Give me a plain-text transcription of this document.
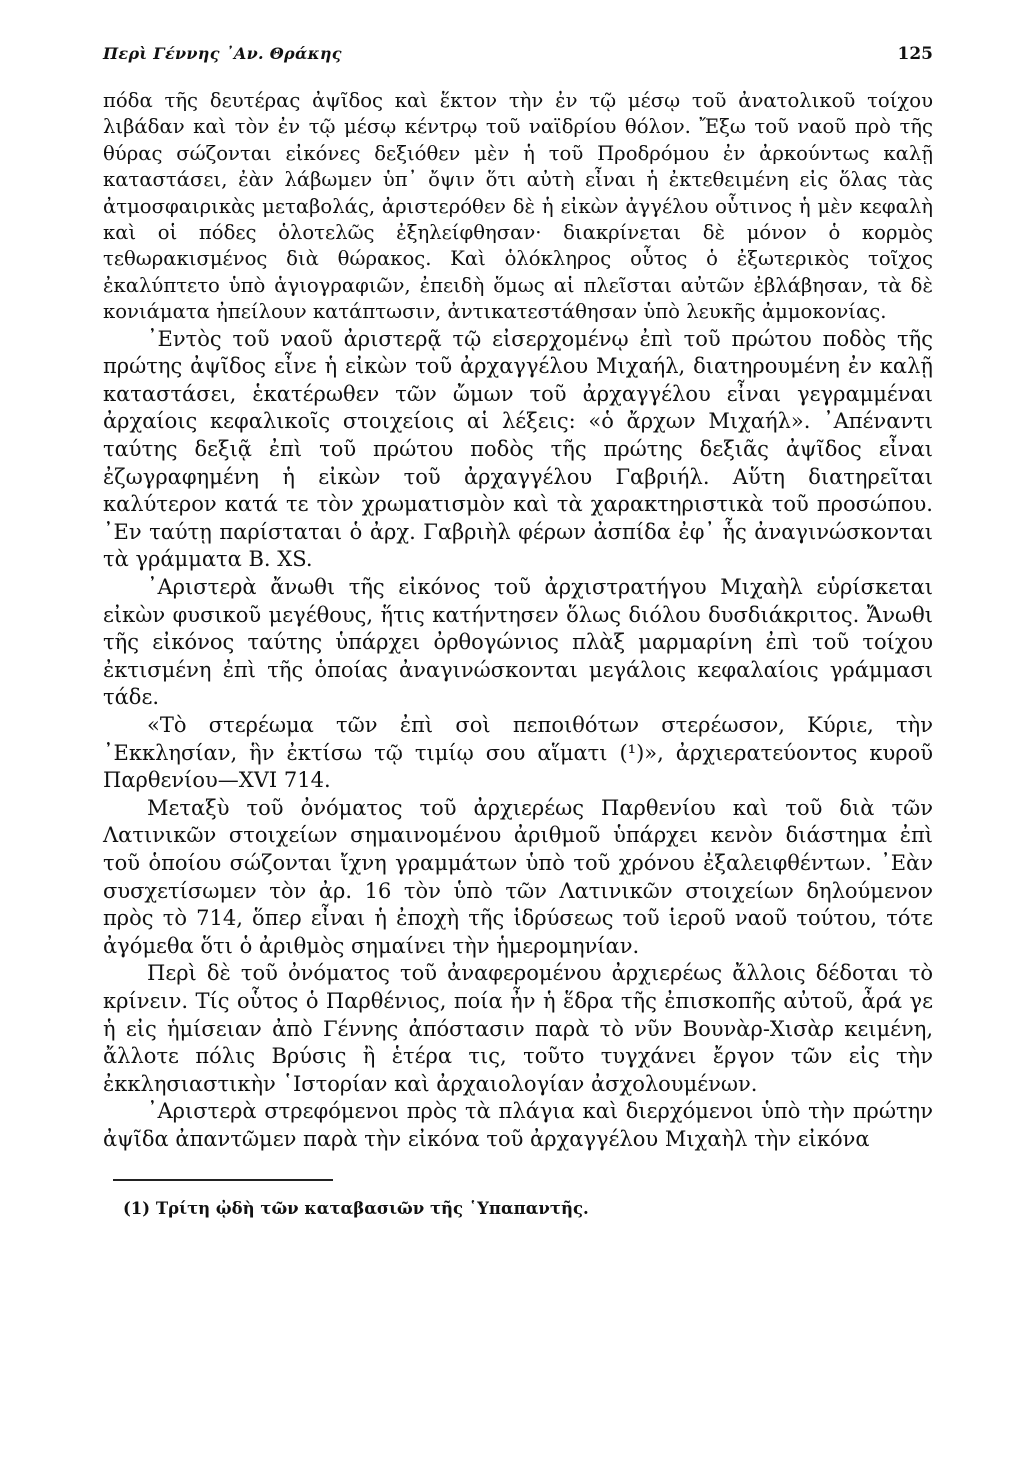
Περὶ Γέννης ᾿Αν. Θράκης	125

πόδα τῆς δευτέρας ἀψῖδος καὶ ἕκτον τὴν ἐν τῷ μέσῳ τοῦ ἀνατολικοῦ τοίχου λιβάδαν καὶ τὸν ἐν τῷ μέσῳ κέντρῳ τοῦ ναϊδρίου θόλον. Ἔξω τοῦ ναοῦ πρὸ τῆς θύρας σώζονται εἰκόνες δεξιόθεν μὲν ἡ τοῦ Προδρόμου ἐν ἀρκούντως καλῇ καταστάσει, ἐὰν λάβωμεν ὑπ᾿ ὄψιν ὅτι αὐτὴ εἶναι ἡ ἐκτεθειμένη εἰς ὅλας τὰς ἀτμοσφαιρικὰς μεταβολάς, ἀριστερόθεν δὲ ἡ εἰκὼν ἀγγέλου οὗτινος ἡ μὲν κεφαλὴ καὶ οἱ πόδες ὁλοτελῶς ἐξηλείφθησαν· διακρίνεται δὲ μόνον ὁ κορμὸς τεθωρακισμένος διὰ θώρακος. Καὶ ὁλόκληρος οὗτος ὁ ἐξωτερικὸς τοῖχος ἐκαλύπτετο ὑπὸ ἁγιογραφιῶν, ἐπειδὴ ὅμως αἱ πλεῖσται αὐτῶν ἐβλάβησαν, τὰ δὲ κονιάματα ἠπείλουν κατάπτωσιν, ἀντικατεστάθησαν ὑπὸ λευκῆς ἀμμοκονίας.

᾿Εντὸς τοῦ ναοῦ ἀριστερᾷ τῷ εἰσερχομένῳ ἐπὶ τοῦ πρώτου ποδὸς τῆς πρώτης ἀψῖδος εἶνε ἡ εἰκὼν τοῦ ἀρχαγγέλου Μιχαήλ, διατηρουμένη ἐν καλῇ καταστάσει, ἑκατέρωθεν τῶν ὤμων τοῦ ἀρχαγγέλου εἶναι γεγραμμέναι ἀρχαίοις κεφαλικοῖς στοιχείοις αἱ λέξεις: «ὁ ἄρχων Μιχαήλ». ᾿Απέναντι ταύτης δεξιᾷ ἐπὶ τοῦ πρώτου ποδὸς τῆς πρώτης δεξιᾶς ἀψῖδος εἶναι ἐζωγραφημένη ἡ εἰκὼν τοῦ ἀρχαγγέλου Γαβριήλ. Αὕτη διατηρεῖται καλύτερον κατά τε τὸν χρωματισμὸν καὶ τὰ χαρακτηριστικὰ τοῦ προσώπου. ᾿Εν ταύτῃ παρίσταται ὁ ἀρχ. Γαβριὴλ φέρων ἀσπίδα ἐφ᾿ ἧς ἀναγινώσκονται τὰ γράμματα Β. XS.

᾿Αριστερὰ ἄνωθι τῆς εἰκόνος τοῦ ἀρχιστρατήγου Μιχαὴλ εὑρίσκεται εἰκὼν φυσικοῦ μεγέθους, ἥτις κατήντησεν ὅλως διόλου δυσδιάκριτος. Ἄνωθι τῆς εἰκόνος ταύτης ὑπάρχει ὀρθογώνιος πλὰξ μαρμαρίνη ἐπὶ τοῦ τοίχου ἐκτισμένη ἐπὶ τῆς ὁποίας ἀναγινώσκονται μεγάλοις κεφαλαίοις γράμμασι τάδε.

«Τὸ στερέωμα τῶν ἐπὶ σοὶ πεποιθότων στερέωσον, Κύριε, τὴν ᾿Εκκλησίαν, ἣν ἐκτίσω τῷ τιμίῳ σου αἵματι (¹)», ἀρχιερατεύοντος κυροῦ Παρθενίου—XVI 714.

Μεταξὺ τοῦ ὀνόματος τοῦ ἀρχιερέως Παρθενίου καὶ τοῦ διὰ τῶν Λατινικῶν στοιχείων σημαινομένου ἀριθμοῦ ὑπάρχει κενὸν διάστημα ἐπὶ τοῦ ὁποίου σώζονται ἴχνη γραμμάτων ὑπὸ τοῦ χρόνου ἐξαλειφθέντων. ᾿Εὰν συσχετίσωμεν τὸν ἀρ. 16 τὸν ὑπὸ τῶν Λατινικῶν στοιχείων δηλούμενον πρὸς τὸ 714, ὅπερ εἶναι ἡ ἐποχὴ τῆς ἱδρύσεως τοῦ ἱεροῦ ναοῦ τούτου, τότε ἀγόμεθα ὅτι ὁ ἀριθμὸς σημαίνει τὴν ἡμερομηνίαν.

Περὶ δὲ τοῦ ὀνόματος τοῦ ἀναφερομένου ἀρχιερέως ἄλλοις δέδοται τὸ κρίνειν. Τίς οὗτος ὁ Παρθένιος, ποία ἦν ἡ ἕδρα τῆς ἐπισκοπῆς αὐτοῦ, ἆρά γε ἡ εἰς ἡμίσειαν ἀπὸ Γέννης ἀπόστασιν παρὰ τὸ νῦν Βουνὰρ-Χισὰρ κειμένη, ἄλλοτε πόλις Βρύσις ἢ ἑτέρα τις, τοῦτο τυγχάνει ἔργον τῶν εἰς τὴν ἐκκλησιαστικὴν ῾Ιστορίαν καὶ ἀρχαιολογίαν ἀσχολουμένων.

᾿Αριστερὰ στρεφόμενοι πρὸς τὰ πλάγια καὶ διερχόμενοι ὑπὸ τὴν πρώτην ἀψῖδα ἀπαντῶμεν παρὰ τὴν εἰκόνα τοῦ ἀρχαγγέλου Μιχαὴλ τὴν εἰκόνα

(1) Τρίτη ᾠδὴ τῶν καταβασιῶν τῆς ῾Υπαπαντῆς.
